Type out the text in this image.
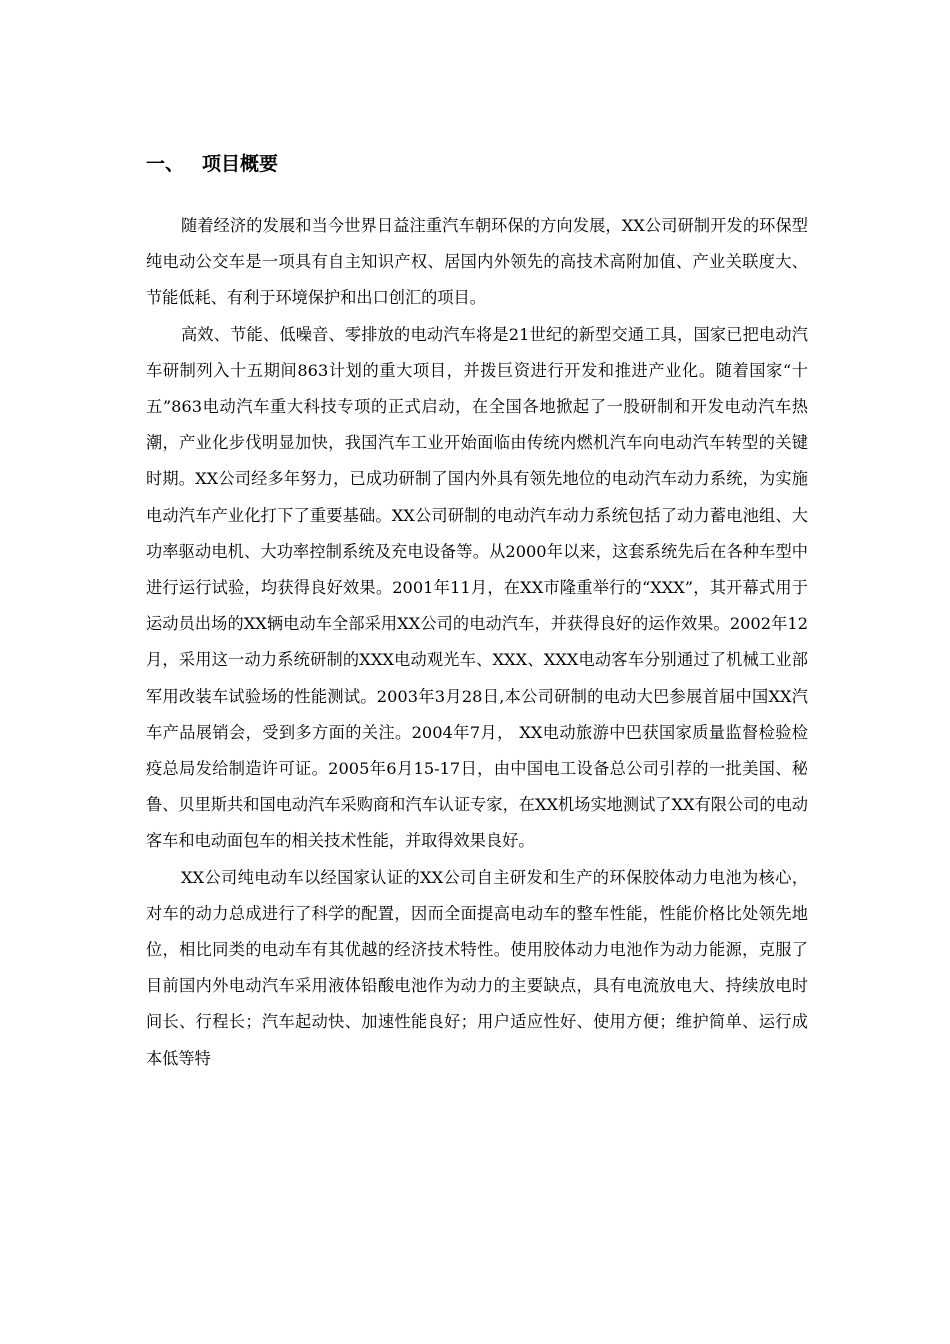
一、 项目概要

随着经济的发展和当今世界日益注重汽车朝环保的方向发展，XX公司研制开发的环保型纯电动公交车是一项具有自主知识产权、居国内外领先的高技术高附加值、产业关联度大、节能低耗、有利于环境保护和出口创汇的项目。

高效、节能、低噪音、零排放的电动汽车将是21世纪的新型交通工具，国家已把电动汽车研制列入十五期间863计划的重大项目，并拨巨资进行开发和推进产业化。随着国家“十五”863电动汽车重大科技专项的正式启动，在全国各地掀起了一股研制和开发电动汽车热潮，产业化步伐明显加快，我国汽车工业开始面临由传统内燃机汽车向电动汽车转型的关键时期。XX公司经多年努力，已成功研制了国内外具有领先地位的电动汽车动力系统，为实施电动汽车产业化打下了重要基础。XX公司研制的电动汽车动力系统包括了动力蓄电池组、大功率驱动电机、大功率控制系统及充电设备等。从2000年以来，这套系统先后在各种车型中进行运行试验，均获得良好效果。2001年11月，在XX市隆重举行的“XXX”，其开幕式用于运动员出场的XX辆电动车全部采用XX公司的电动汽车，并获得良好的运作效果。2002年12月，采用这一动力系统研制的XXX电动观光车、XXX、XXX电动客车分别通过了机械工业部军用改装车试验场的性能测试。2003年3月28日,本公司研制的电动大巴参展首届中国XX汽车产品展销会，受到多方面的关注。2004年7月， XX电动旅游中巴获国家质量监督检验检疫总局发给制造许可证。2005年6月15-17日，由中国电工设备总公司引荐的一批美国、秘鲁、贝里斯共和国电动汽车采购商和汽车认证专家，在XX机场实地测试了XX有限公司的电动客车和电动面包车的相关技术性能，并取得效果良好。

XX公司纯电动车以经国家认证的XX公司自主研发和生产的环保胶体动力电池为核心，对车的动力总成进行了科学的配置，因而全面提高电动车的整车性能，性能价格比处领先地位，相比同类的电动车有其优越的经济技术特性。使用胶体动力电池作为动力能源，克服了目前国内外电动汽车采用液体铅酸电池作为动力的主要缺点，具有电流放电大、持续放电时间长、行程长；汽车起动快、加速性能良好；用户适应性好、使用方便；维护简单、运行成本低等特
